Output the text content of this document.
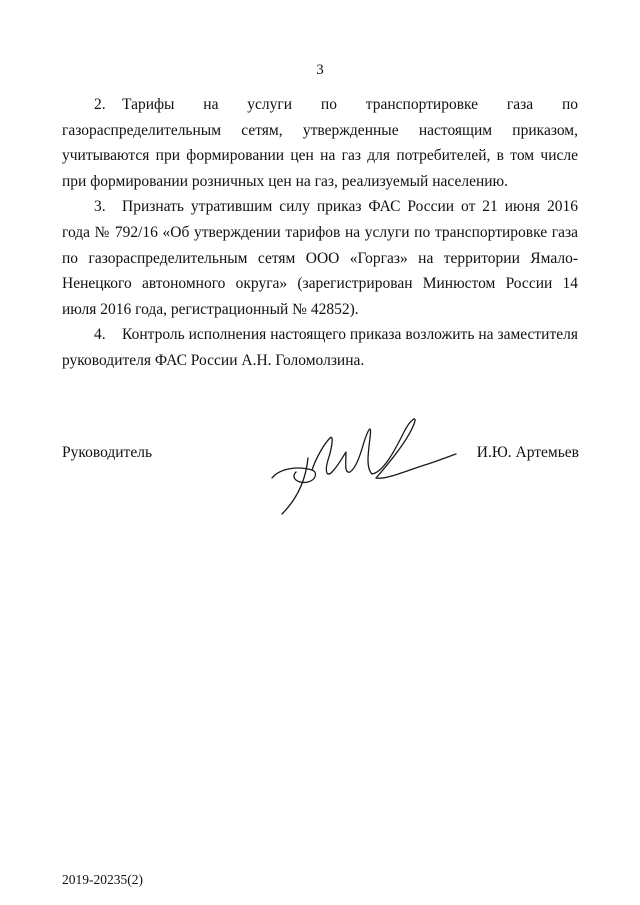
3

2. Тарифы на услуги по транспортировке газа по газораспределительным сетям, утвержденные настоящим приказом, учитываются при формировании цен на газ для потребителей, в том числе при формировании розничных цен на газ, реализуемый населению.

3. Признать утратившим силу приказ ФАС России от 21 июня 2016 года № 792/16 «Об утверждении тарифов на услуги по транспортировке газа по газораспределительным сетям ООО «Горгаз» на территории Ямало-Ненецкого автономного округа» (зарегистрирован Минюстом России 14 июля 2016 года, регистрационный № 42852).

4. Контроль исполнения настоящего приказа возложить на заместителя руководителя ФАС России А.Н. Голомолзина.

Руководитель	И.Ю. Артемьев
2019-20235(2)
